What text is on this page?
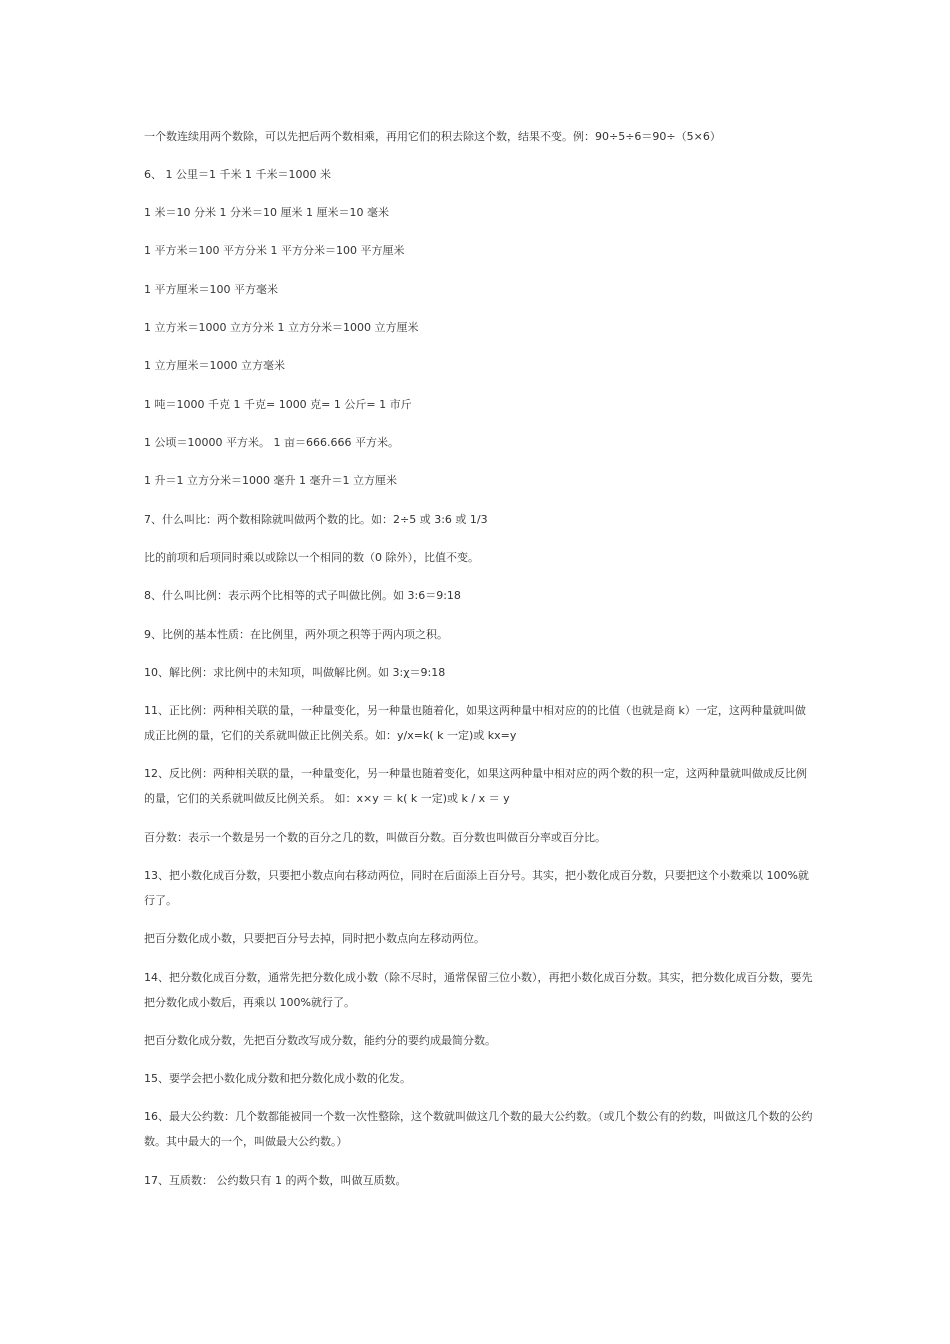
一个数连续用两个数除，可以先把后两个数相乘，再用它们的积去除这个数，结果不变。例：90÷5÷6＝90÷（5×6）

6、 1 公里＝1 千米 1 千米＝1000 米

1 米＝10 分米 1 分米＝10 厘米 1 厘米＝10 毫米

1 平方米＝100 平方分米 1 平方分米＝100 平方厘米

1 平方厘米＝100 平方毫米

1 立方米＝1000 立方分米 1 立方分米＝1000 立方厘米

1 立方厘米＝1000 立方毫米

1 吨＝1000 千克 1 千克= 1000 克= 1 公斤= 1 市斤

1 公顷＝10000 平方米。 1 亩＝666.666 平方米。

1 升＝1 立方分米＝1000 毫升 1 毫升＝1 立方厘米

7、什么叫比：两个数相除就叫做两个数的比。如：2÷5 或 3:6 或 1/3

比的前项和后项同时乘以或除以一个相同的数（0 除外），比值不变。

8、什么叫比例：表示两个比相等的式子叫做比例。如 3:6＝9:18

9、比例的基本性质：在比例里，两外项之积等于两内项之积。

10、解比例：求比例中的未知项，叫做解比例。如 3:χ＝9:18

11、正比例：两种相关联的量，一种量变化，另一种量也随着化，如果这两种量中相对应的的比值（也就是商 k）一定，这两种量就叫做成正比例的量，它们的关系就叫做正比例关系。如：y/x=k( k 一定)或 kx=y

12、反比例：两种相关联的量，一种量变化，另一种量也随着变化，如果这两种量中相对应的两个数的积一定，这两种量就叫做成反比例的量，它们的关系就叫做反比例关系。 如：x×y ＝ k( k 一定)或 k / x ＝ y

百分数：表示一个数是另一个数的百分之几的数，叫做百分数。百分数也叫做百分率或百分比。

13、把小数化成百分数，只要把小数点向右移动两位，同时在后面添上百分号。其实，把小数化成百分数，只要把这个小数乘以 100%就行了。

把百分数化成小数，只要把百分号去掉，同时把小数点向左移动两位。

14、把分数化成百分数，通常先把分数化成小数（除不尽时，通常保留三位小数），再把小数化成百分数。其实，把分数化成百分数，要先把分数化成小数后，再乘以 100%就行了。

把百分数化成分数，先把百分数改写成分数，能约分的要约成最简分数。

15、要学会把小数化成分数和把分数化成小数的化发。

16、最大公约数：几个数都能被同一个数一次性整除，这个数就叫做这几个数的最大公约数。（或几个数公有的约数，叫做这几个数的公约数。其中最大的一个，叫做最大公约数。）

17、互质数： 公约数只有 1 的两个数，叫做互质数。
